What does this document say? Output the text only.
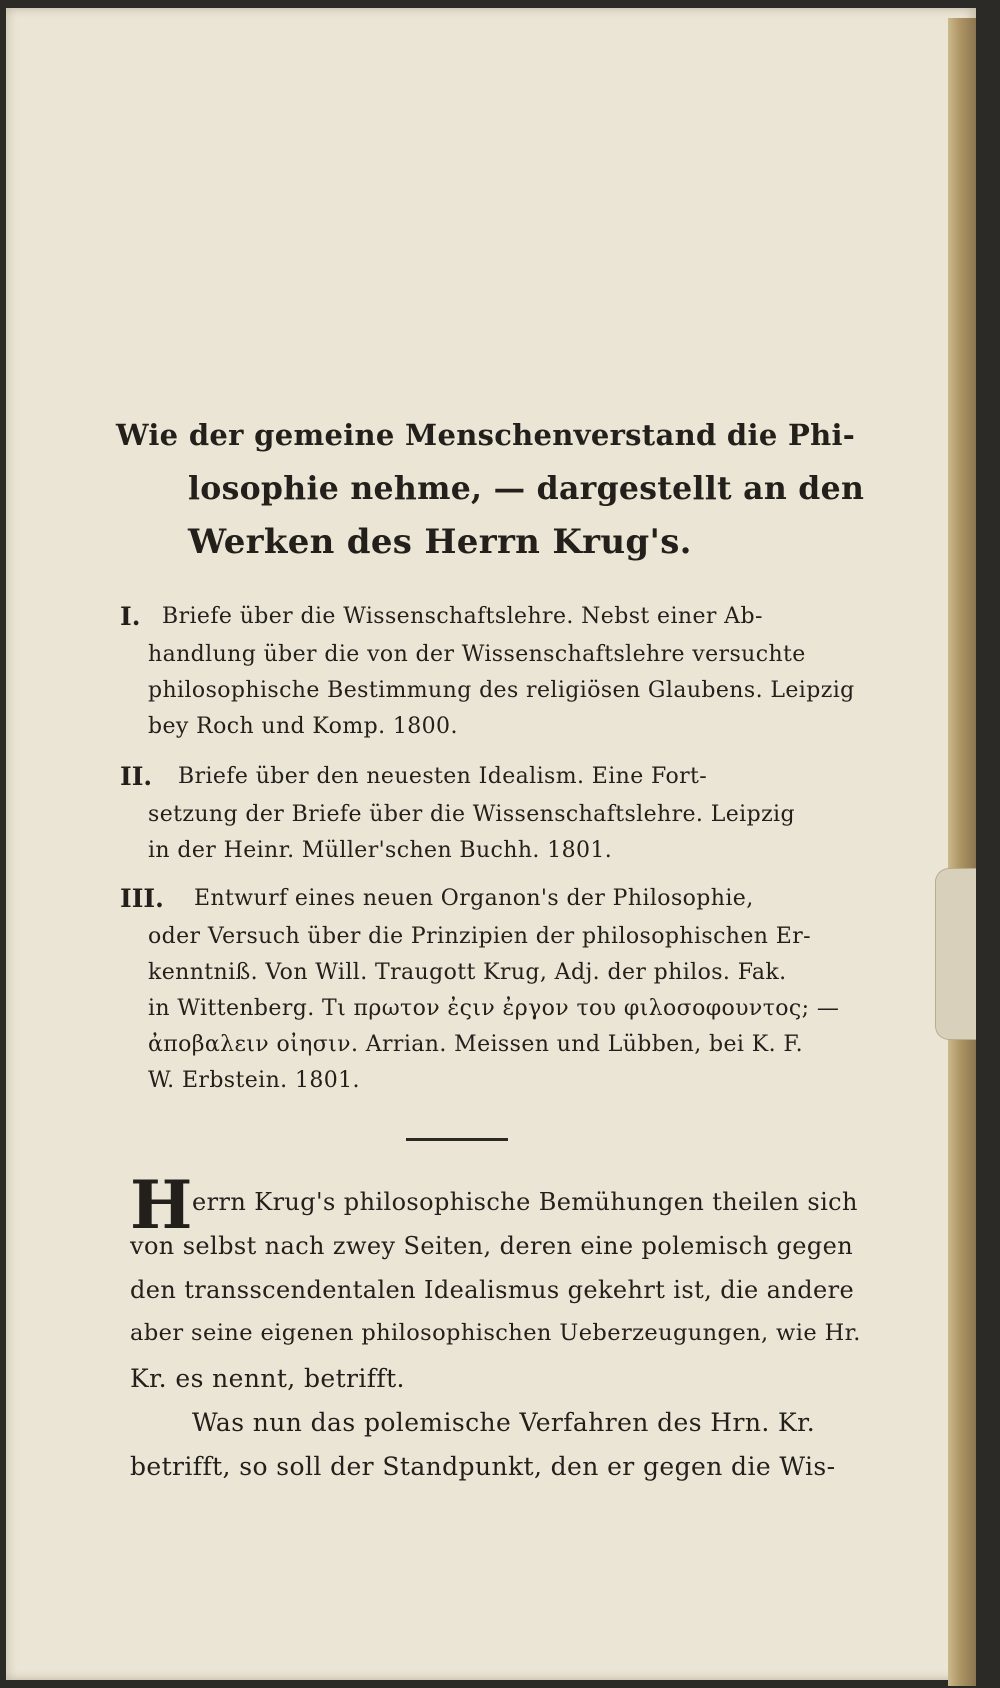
Wie der gemeine Menschenverstand die Phi-
losophie nehme, — dargestellt an den
Werken des Herrn Krug's.
I. Briefe über die Wissenschaftslehre. Nebst einer Ab-
handlung über die von der Wissenschaftslehre versuchte
philosophische Bestimmung des religiösen Glaubens. Leipzig
bey Roch und Komp. 1800.
II. Briefe über den neuesten Idealism. Eine Fort-
setzung der Briefe über die Wissenschaftslehre. Leipzig
in der Heinr. Müller'schen Buchh. 1801.
III. Entwurf eines neuen Organon's der Philosophie,
oder Versuch über die Prinzipien der philosophischen Er-
kenntniß. Von Will. Traugott Krug, Adj. der philos. Fak.
in Wittenberg. Τι πρωτον ἐςιν ἐργον του φιλοσοφουντος; —
ἀποβαλειν οἰησιν. Arrian. Meissen und Lübben, bei K. F.
W. Erbstein. 1801.
H errn Krug's philosophische Bemühungen theilen sich
von selbst nach zwey Seiten, deren eine polemisch gegen
den transscendentalen Idealismus gekehrt ist, die andere
aber seine eigenen philosophischen Ueberzeugungen, wie Hr.
Kr. es nennt, betrifft.
Was nun das polemische Verfahren des Hrn. Kr.
betrifft, so soll der Standpunkt, den er gegen die Wis-
